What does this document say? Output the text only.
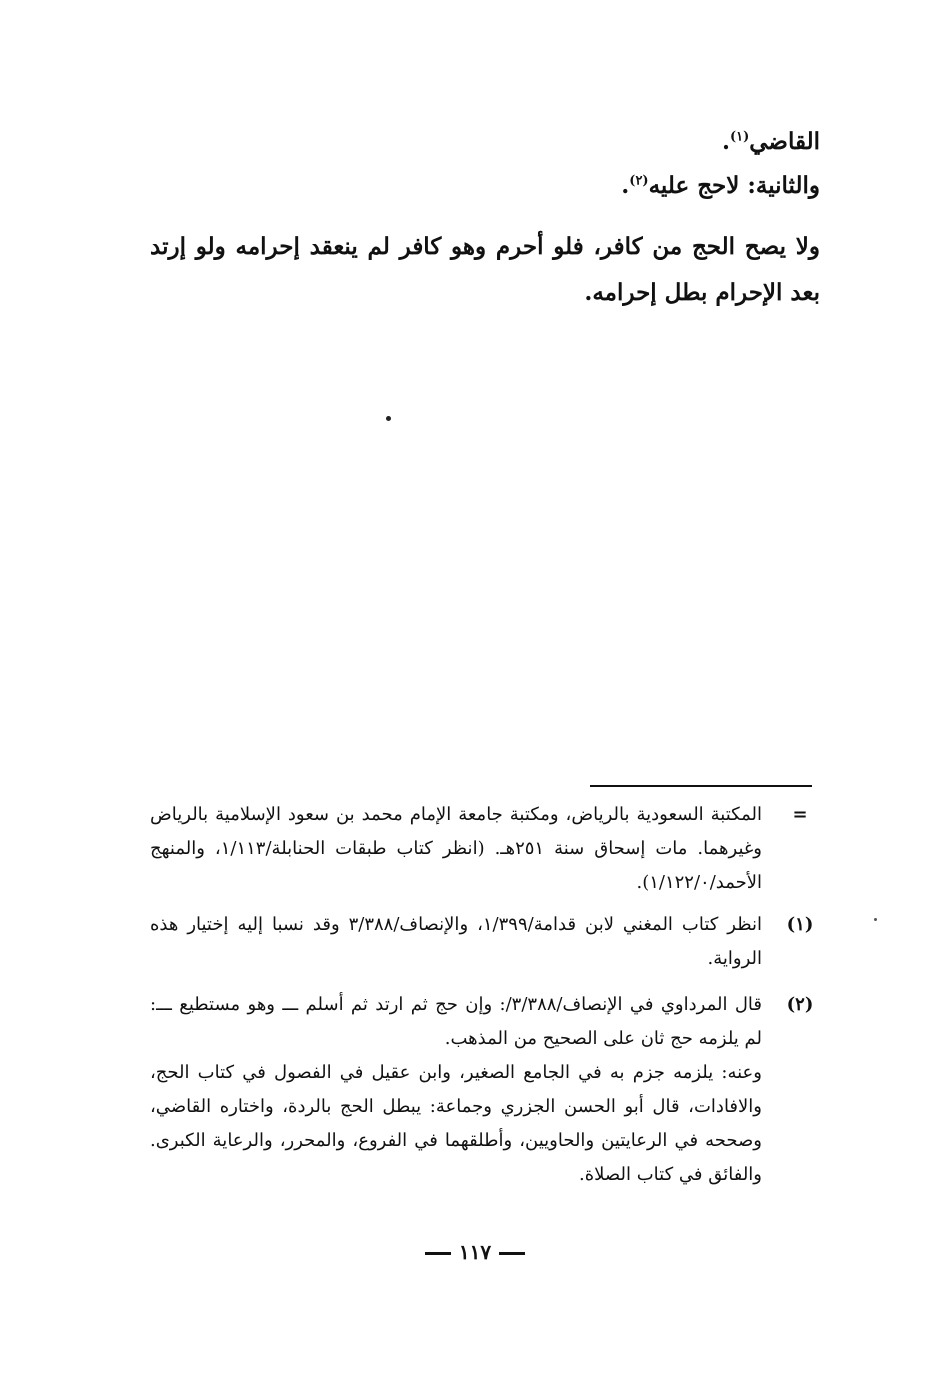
القاضي$^{(١)}$.
والثانية: لاحج عليه$^{(٢)}$.
ولا يصح الحج من كافر، فلو أحرم وهو كافر لم ينعقد إحرامه ولو إرتد بعد الإحرام بطل إحرامه.
=
المكتبة السعودية بالرياض، ومكتبة جامعة الإمام محمد بن سعود الإسلامية بالرياض وغيرهما. مات إسحاق سنة ٢٥١هـ. (انظر كتاب طبقات الحنابلة/١/١١٣، والمنهج الأحمد/١/١٢٢/٠).
(١)
انظر كتاب المغني لابن قدامة/١/٣٩٩، والإنصاف/٣/٣٨٨ وقد نسبا إليه إختيار هذه الرواية.
(٢)
قال المرداوي في الإنصاف/٣/٣٨٨/: وإن حج ثم ارتد ثم أسلم ـــ وهو مستطيع ـــ: لم يلزمه حج ثان على الصحيح من المذهب.
وعنه: يلزمه جزم به في الجامع الصغير، وابن عقيل في الفصول في كتاب الحج، والافادات، قال أبو الحسن الجزري وجماعة: يبطل الحج بالردة، واختاره القاضي، وصححه في الرعايتين والحاويين، وأطلقهما في الفروع، والمحرر، والرعاية الكبرى. والفائق في كتاب الصلاة.
١١٧
